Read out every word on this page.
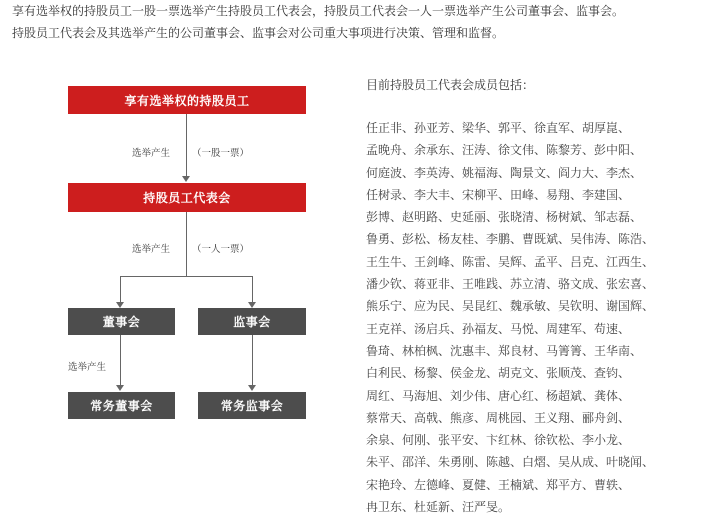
享有选举权的持股员工一股一票选举产生持股员工代表会，持股员工代表会一人一票选举产生公司董事会、监事会。

持股员工代表会及其选举产生的公司董事会、监事会对公司重大事项进行决策、管理和监督。

享有选举权的持股员工
选举产生 （一股一票）
持股员工代表会
选举产生 （一人一票）
董事会	监事会
选举产生
常务董事会	常务监事会
目前持股员工代表会成员包括：
任正非、孙亚芳、梁华、郭平、徐直军、胡厚崑、
孟晚舟、余承东、汪涛、徐文伟、陈黎芳、彭中阳、
何庭波、李英涛、姚福海、陶景文、阎力大、李杰、
任树录、李大丰、宋柳平、田峰、易翔、李建国、
彭博、赵明路、史延丽、张晓清、杨树斌、邹志磊、
鲁勇、彭松、杨友桂、李鹏、曹既斌、吴伟涛、陈浩、
王生牛、王剑峰、陈雷、吴辉、孟平、吕克、江西生、
潘少钦、蒋亚非、王唯践、苏立清、骆文成、张宏喜、
熊乐宁、应为民、吴昆红、魏承敏、吴钦明、谢国辉、
王克祥、汤启兵、孙福友、马悦、周建军、苟速、
鲁琦、林柏枫、沈惠丰、郑良材、马箐箐、王华南、
白利民、杨黎、侯金龙、胡克文、张顺茂、查钧、
周红、马海旭、刘少伟、唐心红、杨超斌、龚体、
蔡常天、高戟、熊彦、周桃园、王义翔、郦舟剑、
余泉、何刚、张平安、卞红林、徐钦松、李小龙、
朱平、邵洋、朱勇刚、陈越、白熠、吴从成、叶晓闻、
宋艳玲、左德峰、夏健、王楠斌、郑平方、曹轶、
冉卫东、杜延新、汪严旻。
